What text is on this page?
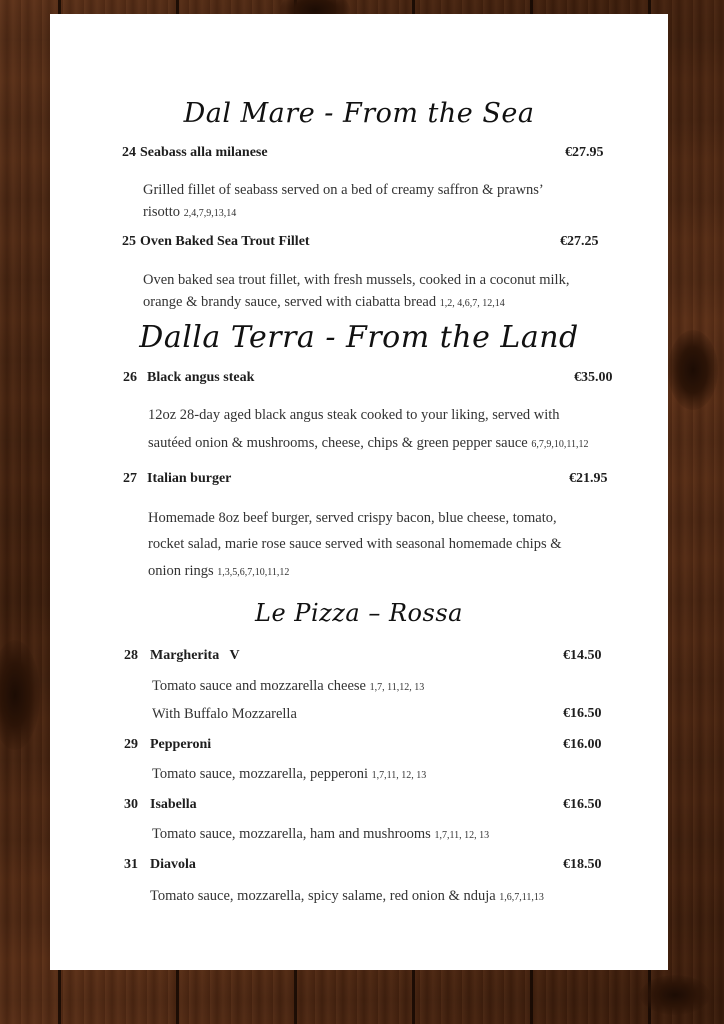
Dal Mare - From the Sea
24 Seabass alla milanese	€27.95
Grilled fillet of seabass served on a bed of creamy saffron & prawns’
risotto 2,4,7,9,13,14
25 Oven Baked Sea Trout Fillet	€27.25
Oven baked sea trout fillet, with fresh mussels, cooked in a coconut milk,
orange & brandy sauce, served with ciabatta bread 1,2, 4,6,7, 12,14
Dalla Terra - From the Land
26 Black angus steak	€35.00
12oz 28-day aged black angus steak cooked to your liking, served with
sautéed onion & mushrooms, cheese, chips & green pepper sauce 6,7,9,10,11,12
27 Italian burger	€21.95
Homemade 8oz beef burger, served crispy bacon, blue cheese, tomato,
rocket salad, marie rose sauce served with seasonal homemade chips &
onion rings 1,3,5,6,7,10,11,12
Le Pizza – Rossa
28 Margherita   V	€14.50
Tomato sauce and mozzarella cheese 1,7, 11,12, 13
With Buffalo Mozzarella	€16.50
29 Pepperoni	€16.00
Tomato sauce, mozzarella, pepperoni 1,7,11, 12, 13
30 Isabella	€16.50
Tomato sauce, mozzarella, ham and mushrooms 1,7,11, 12, 13
31 Diavola	€18.50
Tomato sauce, mozzarella, spicy salame, red onion & nduja 1,6,7,11,13
